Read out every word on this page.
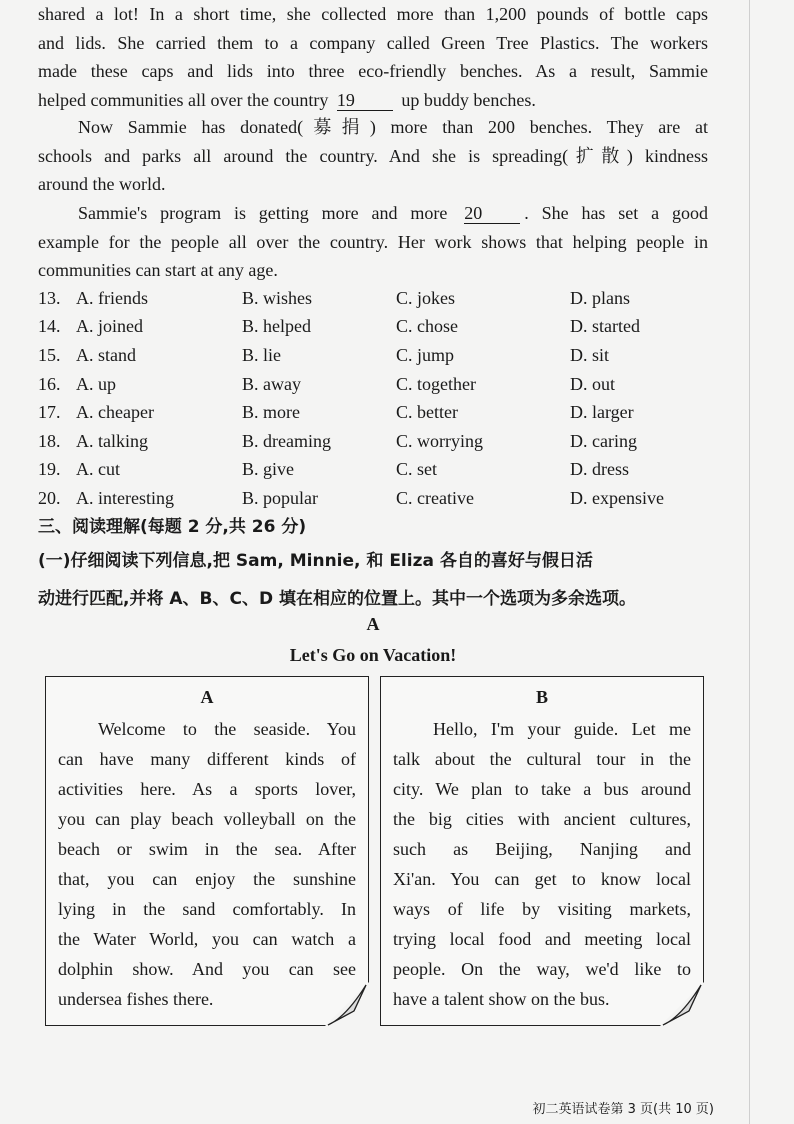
shared a lot! In a short time, she collected more than 1,200 pounds of bottle caps
and lids. She carried them to a company called Green Tree Plastics. The workers
made these caps and lids into three eco-friendly benches. As a result, Sammie
helped communities all over the country 19	up buddy benches.
Now Sammie has donated(募捐) more than 200 benches. They are at
schools and parks all around the country. And she is spreading(扩散) kindness
around the world.
Sammie's program is getting more and more 20 . She has set a good
example for the people all over the country. Her work shows that helping people in
communities can start at any age.
13.	A. friends	B. wishes	C. jokes	D. plans
14.	A. joined	B. helped	C. chose	D. started
15.	A. stand	B. lie	C. jump	D. sit
16.	A. up	B. away	C. together	D. out
17.	A. cheaper	B. more	C. better	D. larger
18.	A. talking	B. dreaming	C. worrying	D. caring
19.	A. cut	B. give	C. set	D. dress
20.	A. interesting	B. popular	C. creative	D. expensive
三、阅读理解(每题 2 分,共 26 分)
(一)仔细阅读下列信息,把 Sam, Minnie, 和 Eliza 各自的喜好与假日活
动进行匹配,并将 A、B、C、D 填在相应的位置上。其中一个选项为多余选项。
A
Let's Go on Vacation!
A
Welcome to the seaside. You
can have many different kinds of
activities here. As a sports lover,
you can play beach volleyball on the
beach or swim in the sea. After
that, you can enjoy the sunshine
lying in the sand comfortably. In
the Water World, you can watch a
dolphin show. And you can see
undersea fishes there.
B
Hello, I'm your guide. Let me
talk about the cultural tour in the
city. We plan to take a bus around
the big cities with ancient cultures,
such as Beijing, Nanjing and
Xi'an. You can get to know local
ways of life by visiting markets,
trying local food and meeting local
people. On the way, we'd like to
have a talent show on the bus.
初二英语试卷第 3 页(共 10 页)
